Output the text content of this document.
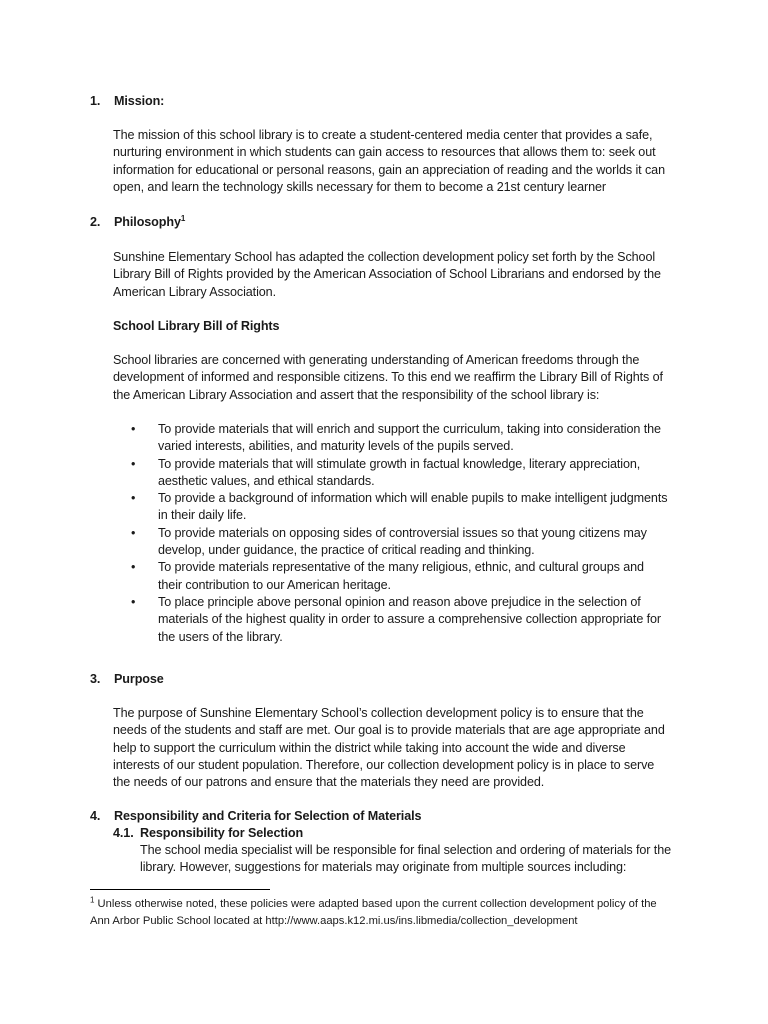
1.	Mission:

The mission of this school library is to create a student-centered media center that provides a safe, nurturing environment in which students can gain access to resources that allows them to: seek out information for educational or personal reasons, gain an appreciation of reading and the worlds it can open, and learn the technology skills necessary for them to become a 21st century learner

2.	Philosophy$^1$

Sunshine Elementary School has adapted the collection development policy set forth by the School Library Bill of Rights provided by the American Association of School Librarians and endorsed by the American Library Association.

School Library Bill of Rights

School libraries are concerned with generating understanding of American freedoms through the development of informed and responsible citizens. To this end we reaffirm the Library Bill of Rights of the American Library Association and assert that the responsibility of the school library is:

• To provide materials that will enrich and support the curriculum, taking into consideration the varied interests, abilities, and maturity levels of the pupils served.
• To provide materials that will stimulate growth in factual knowledge, literary appreciation, aesthetic values, and ethical standards.
• To provide a background of information which will enable pupils to make intelligent judgments in their daily life.
• To provide materials on opposing sides of controversial issues so that young citizens may develop, under guidance, the practice of critical reading and thinking.
• To provide materials representative of the many religious, ethnic, and cultural groups and their contribution to our American heritage.
• To place principle above personal opinion and reason above prejudice in the selection of materials of the highest quality in order to assure a comprehensive collection appropriate for the users of the library.
3.	Purpose

The purpose of Sunshine Elementary School’s collection development policy is to ensure that the needs of the students and staff are met. Our goal is to provide materials that are age appropriate and help to support the curriculum within the district while taking into account the wide and diverse interests of our student population. Therefore, our collection development policy is in place to serve the needs of our patrons and ensure that the materials they need are provided.

4.	Responsibility and Criteria for Selection of Materials
4.1. Responsibility for Selection

The school media specialist will be responsible for final selection and ordering of materials for the library. However, suggestions for materials may originate from multiple sources including:

$^1$ Unless otherwise noted, these policies were adapted based upon the current collection development policy of the Ann Arbor Public School located at http://www.aaps.k12.mi.us/ins.libmedia/collection_development
